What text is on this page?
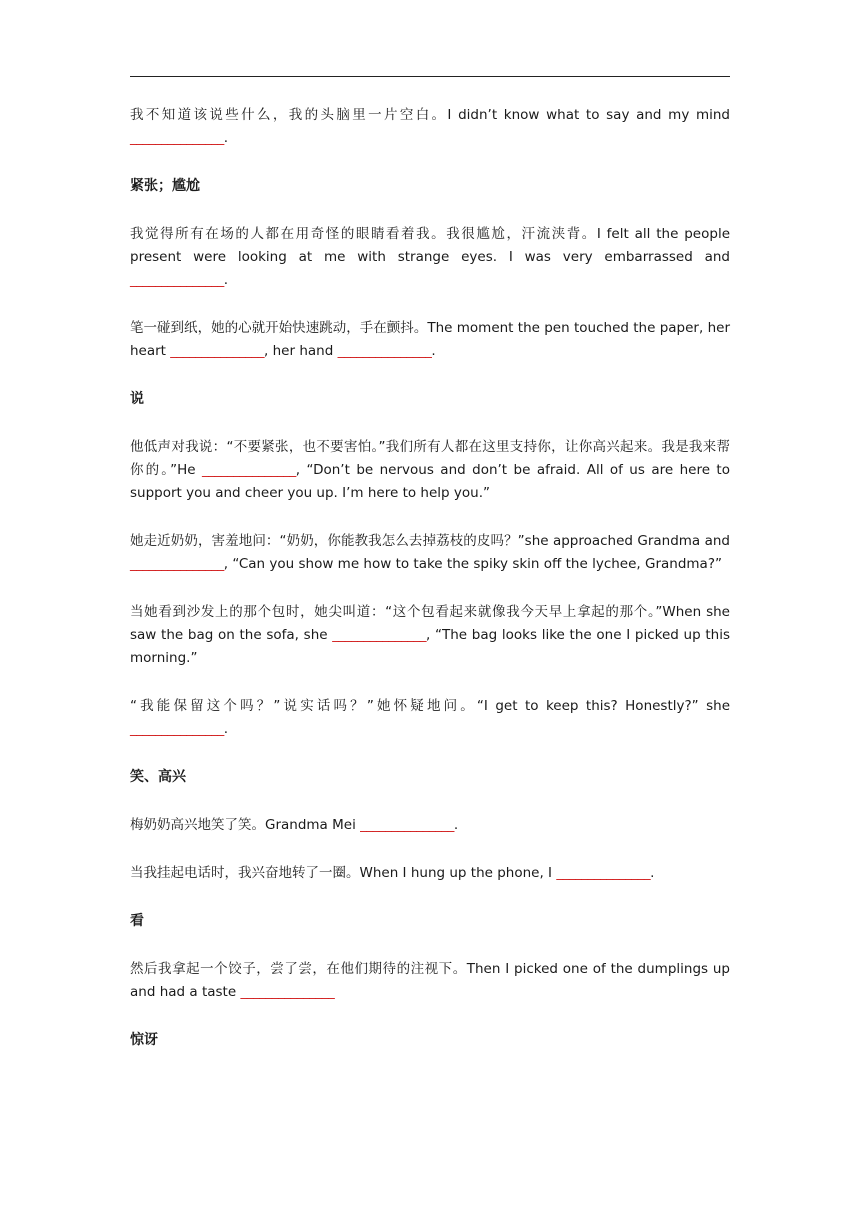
我不知道该说些什么，我的头脑里一片空白。I didn’t know what to say and my mind _______________.

紧张；尴尬

我觉得所有在场的人都在用奇怪的眼睛看着我。我很尴尬，汗流浃背。I felt all the people present were looking at me with strange eyes. I was very embarrassed and _______________.

笔一碰到纸，她的心就开始快速跳动，手在颤抖。The moment the pen touched the paper, her heart _______________, her hand _______________.

说

他低声对我说：“不要紧张，也不要害怕。”我们所有人都在这里支持你，让你高兴起来。我是我来帮你的。”He _______________, “Don’t be nervous and don’t be afraid. All of us are here to support you and cheer you up. I’m here to help you.”

她走近奶奶，害羞地问：“奶奶，你能教我怎么去掉荔枝的皮吗？”she approached Grandma and _______________, “Can you show me how to take the spiky skin off the lychee, Grandma?”

当她看到沙发上的那个包时，她尖叫道：“这个包看起来就像我今天早上拿起的那个。”When she saw the bag on the sofa, she _______________, “The bag looks like the one I picked up this morning.”

“我能保留这个吗？”说实话吗？”她怀疑地问。“I get to keep this? Honestly?” she _______________.

笑、高兴

梅奶奶高兴地笑了笑。Grandma Mei _______________.

当我挂起电话时，我兴奋地转了一圈。When I hung up the phone, I _______________.

看

然后我拿起一个饺子，尝了尝，在他们期待的注视下。Then I picked one of the dumplings up and had a taste _______________

惊讶
